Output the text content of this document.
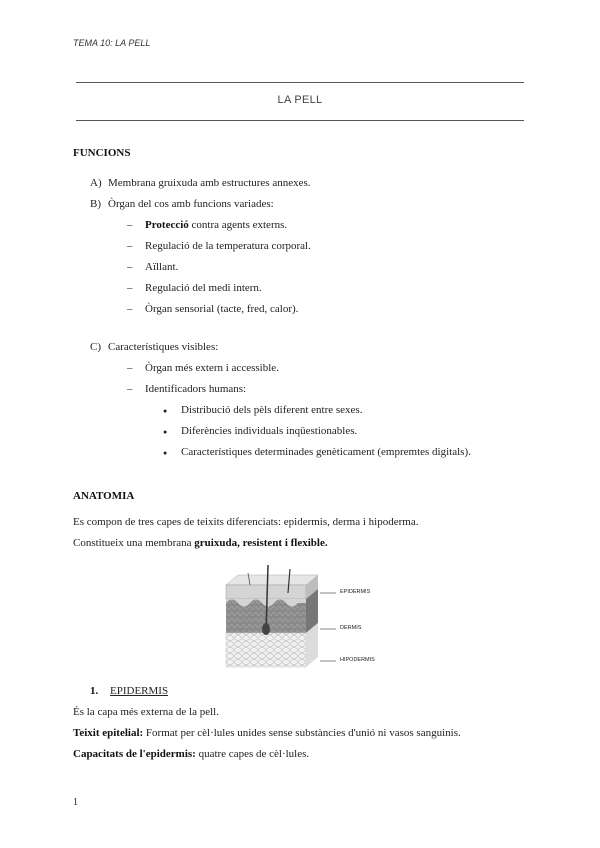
TEMA 10: LA PELL
LA PELL
FUNCIONS
A) Membrana gruixuda amb estructures annexes.
B) Òrgan del cos amb funcions variades:
– Protecció contra agents externs.
– Regulació de la temperatura corporal.
– Aïllant.
– Regulació del medi intern.
– Òrgan sensorial (tacte, fred, calor).
C) Característiques visibles:
– Òrgan més extern i accessible.
– Identificadors humans:
● Distribució dels pèls diferent entre sexes.
● Diferències individuals inqüestionables.
● Característiques determinades genèticament (empremtes digitals).
ANATOMIA
Es compon de tres capes de teixits diferenciats: epidermis, derma i hipoderma.
Constitueix una membrana gruixuda, resistent i flexible.
EPIDERMIS
DERMIS
HIPODERMIS
1. EPIDERMIS
És la capa més externa de la pell.
Teixit epitelial: Format per cèl·lules unides sense substàncies d'unió ni vasos sanguinis.
Capacitats de l'epidermis: quatre capes de cèl·lules.
1
